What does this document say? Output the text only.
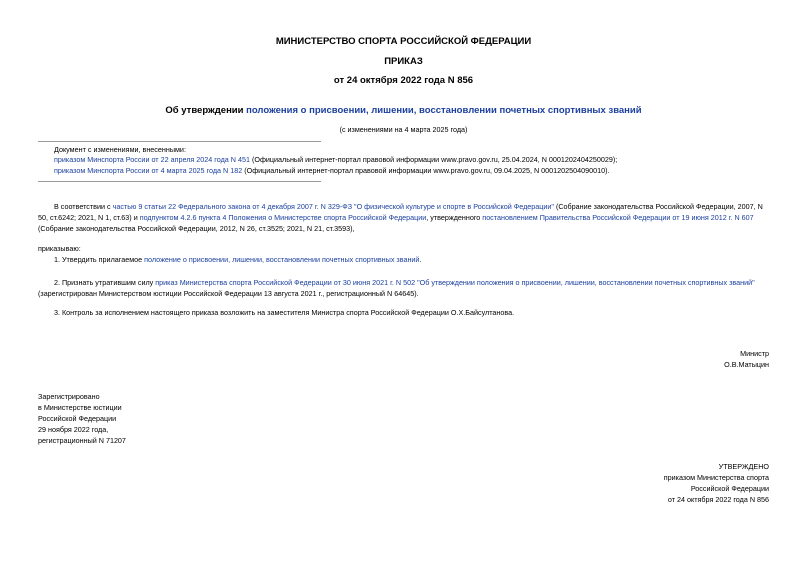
МИНИСТЕРСТВО СПОРТА РОССИЙСКОЙ ФЕДЕРАЦИИ
ПРИКАЗ
от 24 октября 2022 года N 856
Об утверждении положения о присвоении, лишении, восстановлении почетных спортивных званий
(с изменениями на 4 марта 2025 года)
Документ с изменениями, внесенными:
приказом Минспорта России от 22 апреля 2024 года N 451 (Официальный интернет-портал правовой информации www.pravo.gov.ru, 25.04.2024, N 0001202404250029);
приказом Минспорта России от 4 марта 2025 года N 182 (Официальный интернет-портал правовой информации www.pravo.gov.ru, 09.04.2025, N 0001202504090010).
В соответствии с частью 9 статьи 22 Федерального закона от 4 декабря 2007 г. N 329-ФЗ "О физической культуре и спорте в Российской Федерации" (Собрание законодательства Российской Федерации, 2007, N 50, ст.6242; 2021, N 1, ст.63) и подпунктом 4.2.6 пункта 4 Положения о Министерстве спорта Российской Федерации, утвержденного постановлением Правительства Российской Федерации от 19 июня 2012 г. N 607 (Собрание законодательства Российской Федерации, 2012, N 26, ст.3525; 2021, N 21, ст.3593),
приказываю:
1. Утвердить прилагаемое положение о присвоении, лишении, восстановлении почетных спортивных званий.
2. Признать утратившим силу приказ Министерства спорта Российской Федерации от 30 июня 2021 г. N 502 "Об утверждении положения о присвоении, лишении, восстановлении почетных спортивных званий" (зарегистрирован Министерством юстиции Российской Федерации 13 августа 2021 г., регистрационный N 64645).
3. Контроль за исполнением настоящего приказа возложить на заместителя Министра спорта Российской Федерации О.Х.Байсултанова.
Министр
О.В.Матыцин
Зарегистрировано
в Министерстве юстиции
Российской Федерации
29 ноября 2022 года,
регистрационный N 71207
УТВЕРЖДЕНО
приказом Министерства спорта
Российской Федерации
от 24 октября 2022 года N 856
